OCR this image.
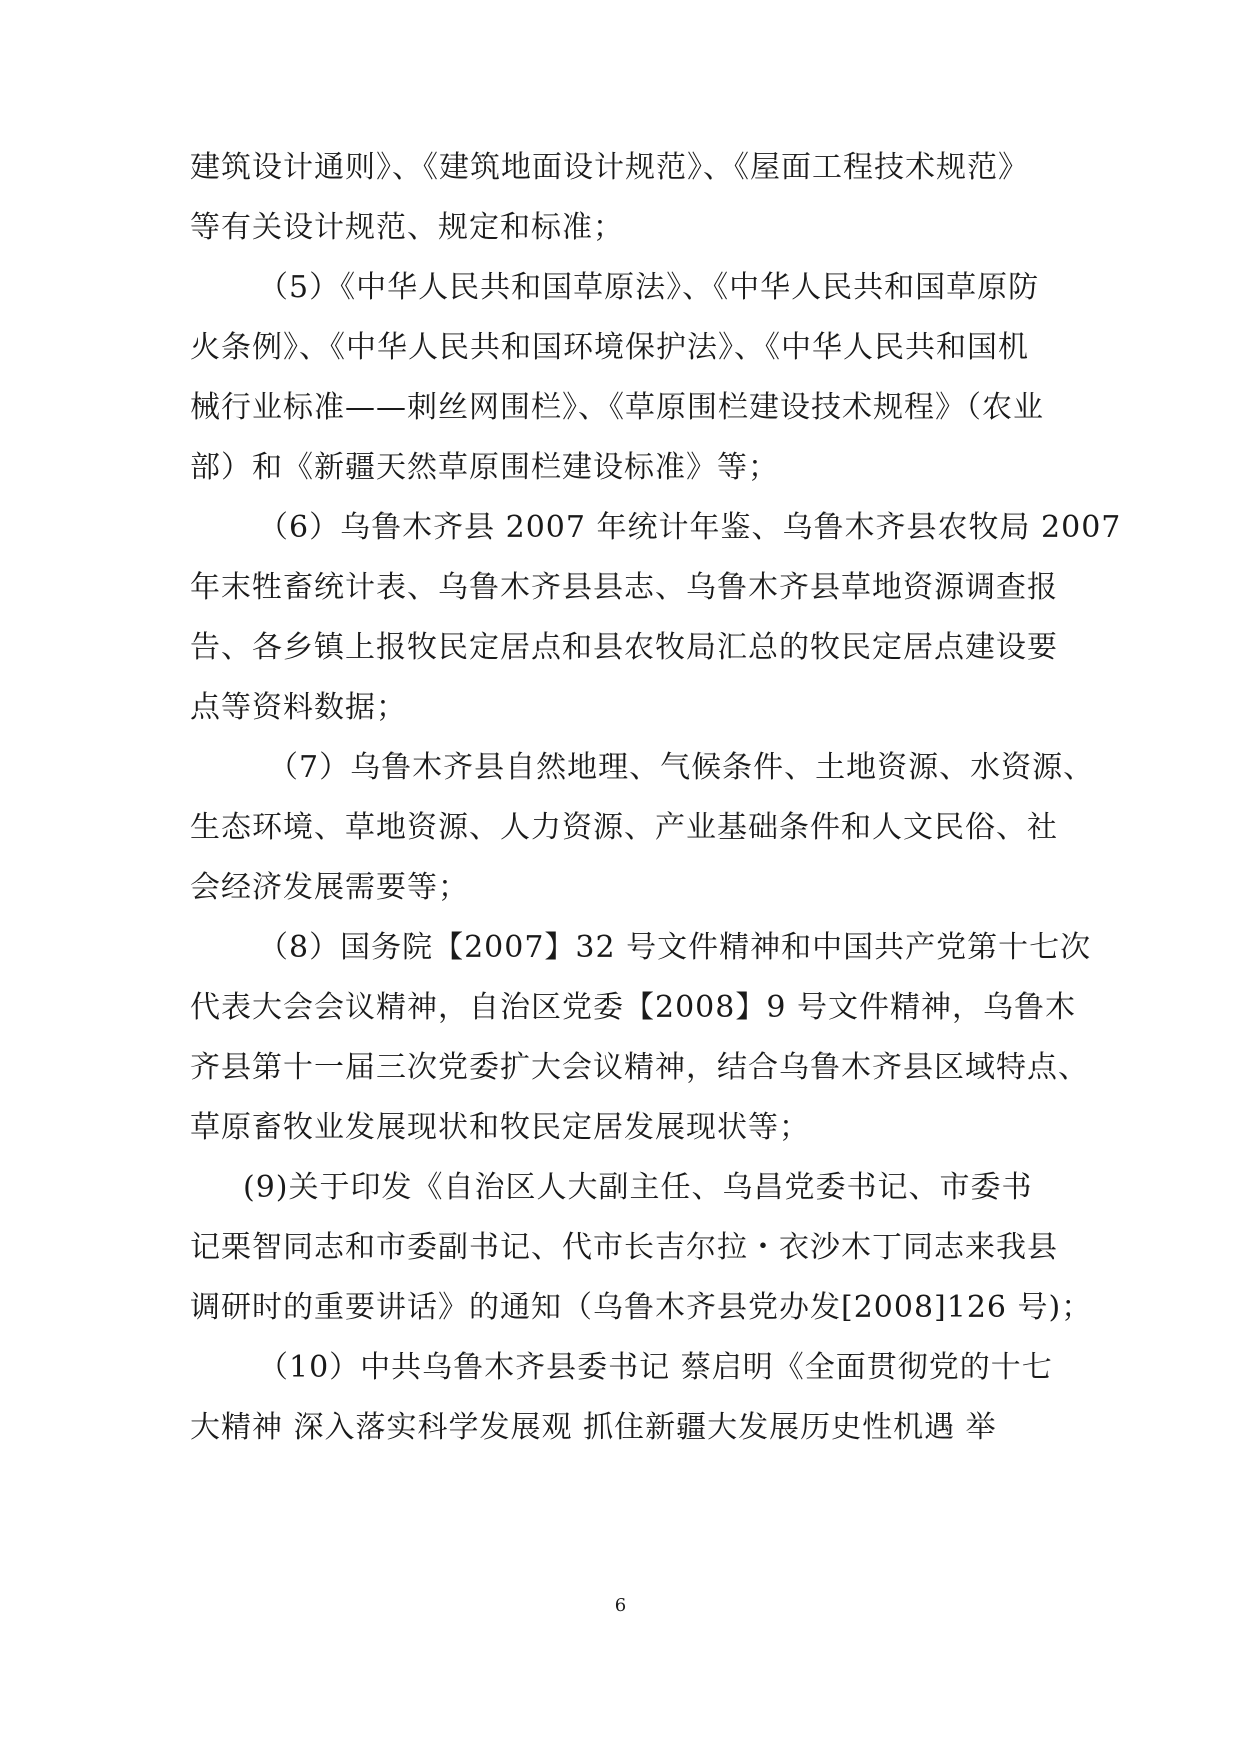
建筑设计通则》、《建筑地面设计规范》、《屋面工程技术规范》
等有关设计规范、规定和标准；
（5）《中华人民共和国草原法》、《中华人民共和国草原防
火条例》、《中华人民共和国环境保护法》、《中华人民共和国机
械行业标准——刺丝网围栏》、《草原围栏建设技术规程》（农业
部）和《新疆天然草原围栏建设标准》等；
（6）乌鲁木齐县 2007 年统计年鉴、乌鲁木齐县农牧局 2007
年末牲畜统计表、乌鲁木齐县县志、乌鲁木齐县草地资源调查报
告、各乡镇上报牧民定居点和县农牧局汇总的牧民定居点建设要
点等资料数据；
（7）乌鲁木齐县自然地理、气候条件、土地资源、水资源、
生态环境、草地资源、人力资源、产业基础条件和人文民俗、社
会经济发展需要等；
（8）国务院【2007】32 号文件精神和中国共产党第十七次
代表大会会议精神，自治区党委【2008】9 号文件精神，乌鲁木
齐县第十一届三次党委扩大会议精神，结合乌鲁木齐县区域特点、
草原畜牧业发展现状和牧民定居发展现状等；
(9)关于印发《自治区人大副主任、乌昌党委书记、市委书
记栗智同志和市委副书记、代市长吉尔拉・衣沙木丁同志来我县
调研时的重要讲话》的通知（乌鲁木齐县党办发[2008]126 号)；
（10）中共乌鲁木齐县委书记 蔡启明《全面贯彻党的十七
大精神 深入落实科学发展观 抓住新疆大发展历史性机遇 举
6
